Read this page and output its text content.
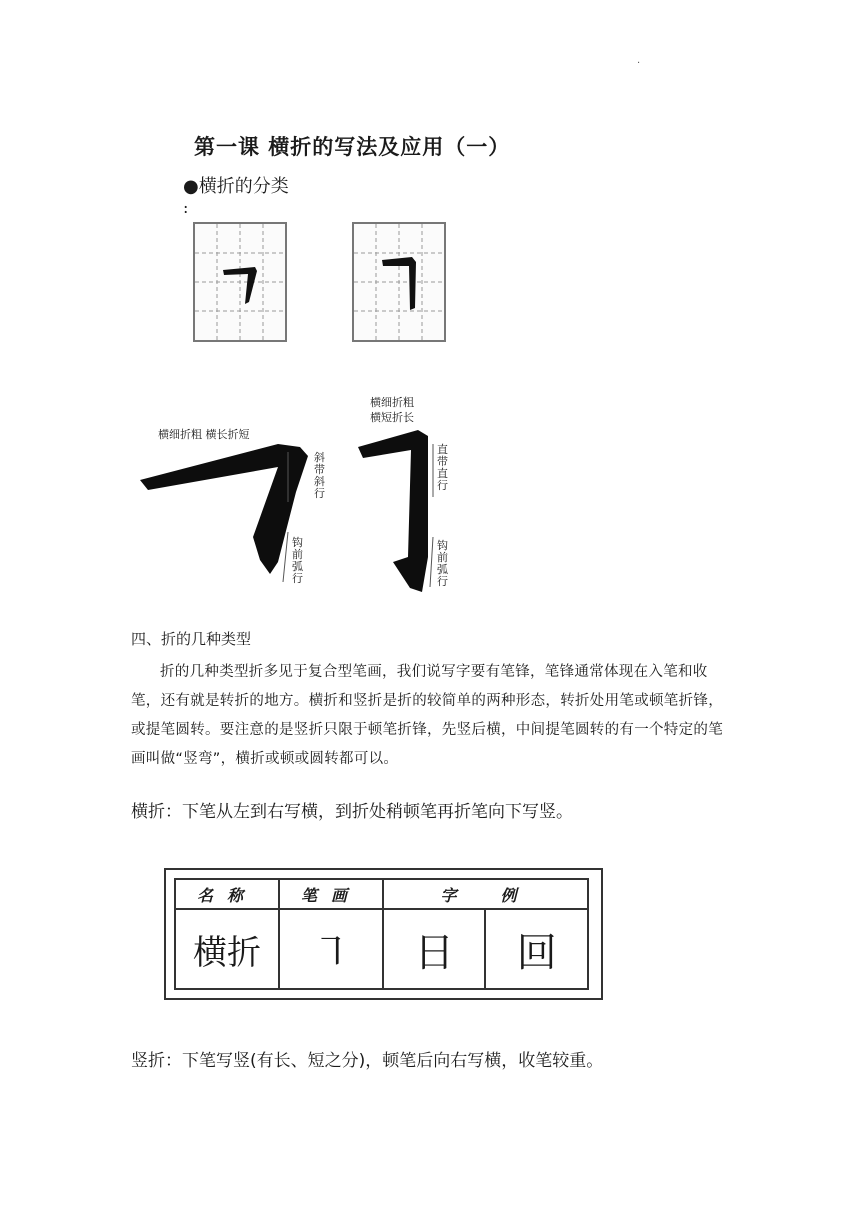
·
第一课 横折的写法及应用（一）
●横折的分类
:
横细折粗 横长折短
横细折粗
横短折长
斜带斜行
钩前弧行
直带直行
钩前弧行
四、折的几种类型
折的几种类型折多见于复合型笔画，我们说写字要有笔锋，笔锋通常体现在入笔和收笔，还有就是转折的地方。横折和竖折是折的较简单的两种形态，转折处用笔或顿笔折锋，或提笔圆转。要注意的是竖折只限于顿笔折锋，先竖后横，中间提笔圆转的有一个特定的笔画叫做“竖弯”，横折或顿或圆转都可以。
横折：下笔从左到右写横，到折处稍顿笔再折笔向下写竖。
名称	笔画	字　例	
横折	㇕	日	回
竖折：下笔写竖(有长、短之分)，顿笔后向右写横，收笔较重。
